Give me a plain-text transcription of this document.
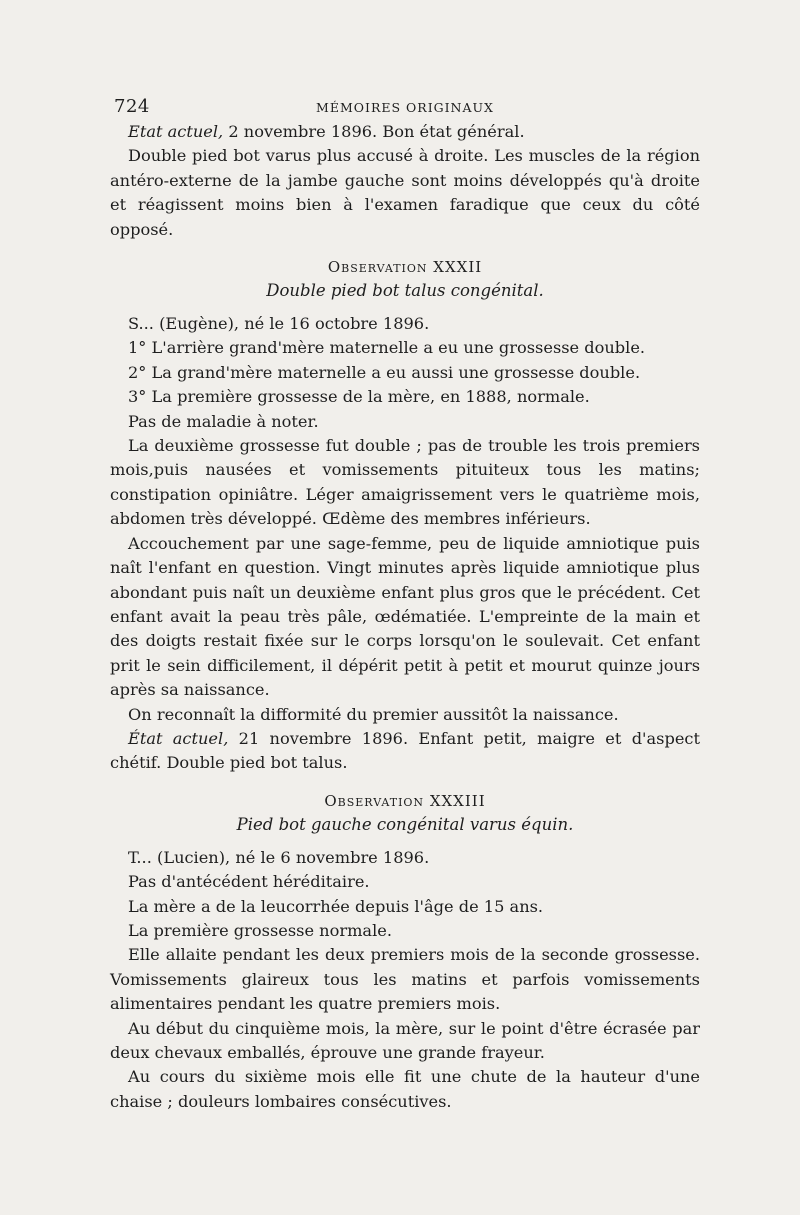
724	MÉMOIRES ORIGINAUX

Etat actuel, 2 novembre 1896. Bon état général.

Double pied bot varus plus accusé à droite. Les muscles de la région antéro-externe de la jambe gauche sont moins développés qu'à droite et réagissent moins bien à l'examen faradique que ceux du côté opposé.

Observation XXXII
Double pied bot talus congénital.

S... (Eugène), né le 16 octobre 1896.

1° L'arrière grand'mère maternelle a eu une grossesse double.

2° La grand'mère maternelle a eu aussi une grossesse double.

3° La première grossesse de la mère, en 1888, normale.

Pas de maladie à noter.

La deuxième grossesse fut double ; pas de trouble les trois premiers mois,puis nausées et vomissements pituiteux tous les matins; constipation opiniâtre. Léger amaigrissement vers le quatrième mois, abdomen très développé. Œdème des membres inférieurs.

Accouchement par une sage-femme, peu de liquide amniotique puis naît l'enfant en question. Vingt minutes après liquide amniotique plus abondant puis naît un deuxième enfant plus gros que le précédent. Cet enfant avait la peau très pâle, œdématiée. L'empreinte de la main et des doigts restait fixée sur le corps lorsqu'on le soulevait. Cet enfant prit le sein difficilement, il dépérit petit à petit et mourut quinze jours après sa naissance.

On reconnaît la difformité du premier aussitôt la naissance.

État actuel, 21 novembre 1896. Enfant petit, maigre et d'aspect chétif. Double pied bot talus.

Observation XXXIII
Pied bot gauche congénital varus équin.

T... (Lucien), né le 6 novembre 1896.

Pas d'antécédent héréditaire.

La mère a de la leucorrhée depuis l'âge de 15 ans.

La première grossesse normale.

Elle allaite pendant les deux premiers mois de la seconde grossesse. Vomissements glaireux tous les matins et parfois vomissements alimentaires pendant les quatre premiers mois.

Au début du cinquième mois, la mère, sur le point d'être écrasée par deux chevaux emballés, éprouve une grande frayeur.

Au cours du sixième mois elle fit une chute de la hauteur d'une chaise ; douleurs lombaires consécutives.
